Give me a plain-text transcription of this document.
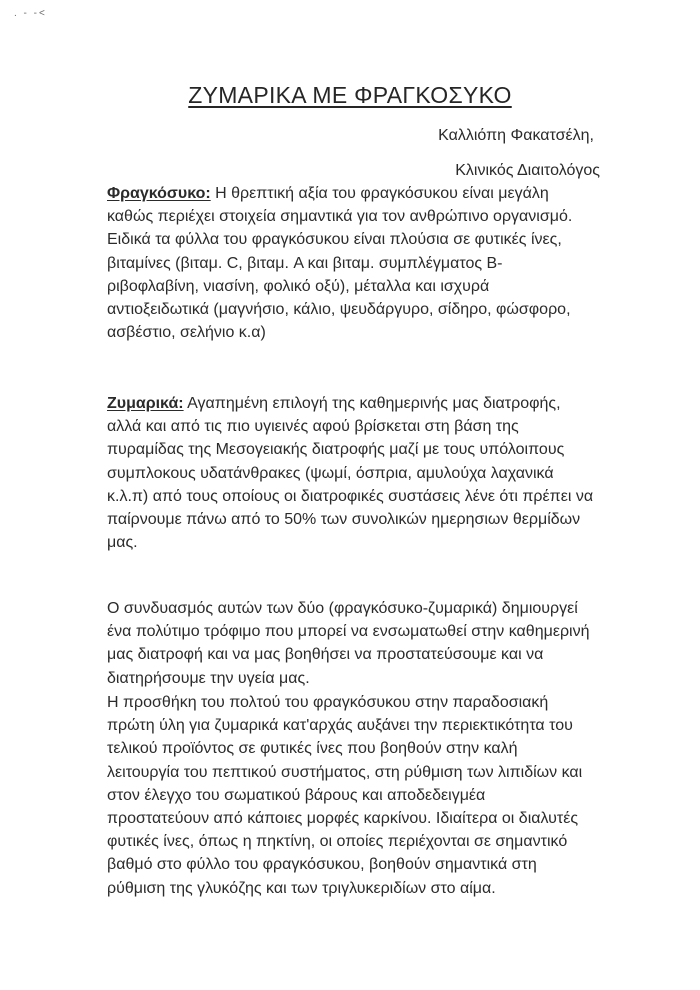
. - -<
ΖΥΜΑΡΙΚΑ ΜΕ ΦΡΑΓΚΟΣΥΚΟ
Καλλιόπη Φακατσέλη,
Κλινικός Διαιτολόγος
Φραγκόσυκο: Η θρεπτική αξία του φραγκόσυκου είναι μεγάλη
καθώς περιέχει στοιχεία σημαντικά για τον ανθρώπινο οργανισμό.
Ειδικά τα φύλλα του φραγκόσυκου είναι πλούσια σε φυτικές ίνες,
βιταμίνες (βιταμ. C, βιταμ. A και βιταμ. συμπλέγματος Β-
ριβοφλαβίνη, νιασίνη, φολικό οξύ), μέταλλα και ισχυρά
αντιοξειδωτικά (μαγνήσιο, κάλιο, ψευδάργυρο, σίδηρο, φώσφορο,
ασβέστιο, σελήνιο κ.α)
Ζυμαρικά: Αγαπημένη επιλογή της καθημερινής μας διατροφής,
αλλά και από τις πιο υγιεινές αφού βρίσκεται στη βάση της
πυραμίδας της Μεσογειακής διατροφής μαζί με τους υπόλοιπους
συμπλοκους υδατάνθρακες (ψωμί, όσπρια, αμυλούχα λαχανικά
κ.λ.π) από τους οποίους οι διατροφικές συστάσεις λένε ότι πρέπει να
παίρνουμε πάνω από το 50% των συνολικών ημερησιων θερμίδων
μας.
Ο συνδυασμός αυτών των δύο (φραγκόσυκο-ζυμαρικά) δημιουργεί
ένα πολύτιμο τρόφιμο που μπορεί να ενσωματωθεί στην καθημερινή
μας διατροφή και να μας βοηθήσει να προστατεύσουμε και να
διατηρήσουμε την υγεία μας.
Η προσθήκη του πολτού του φραγκόσυκου στην παραδοσιακή
πρώτη ύλη για ζυμαρικά κατ'αρχάς αυξάνει την περιεκτικότητα του
τελικού προϊόντος σε φυτικές ίνες που βοηθούν στην καλή
λειτουργία του πεπτικού συστήματος, στη ρύθμιση των λιπιδίων και
στον έλεγχο του σωματικού βάρους και αποδεδειγμέα
προστατεύουν από κάποιες μορφές καρκίνου. Ιδιαίτερα οι διαλυτές
φυτικές ίνες, όπως η πηκτίνη, οι οποίες περιέχονται σε σημαντικό
βαθμό στο φύλλο του φραγκόσυκου, βοηθούν σημαντικά στη
ρύθμιση της γλυκόζης και των τριγλυκεριδίων στο αίμα.
